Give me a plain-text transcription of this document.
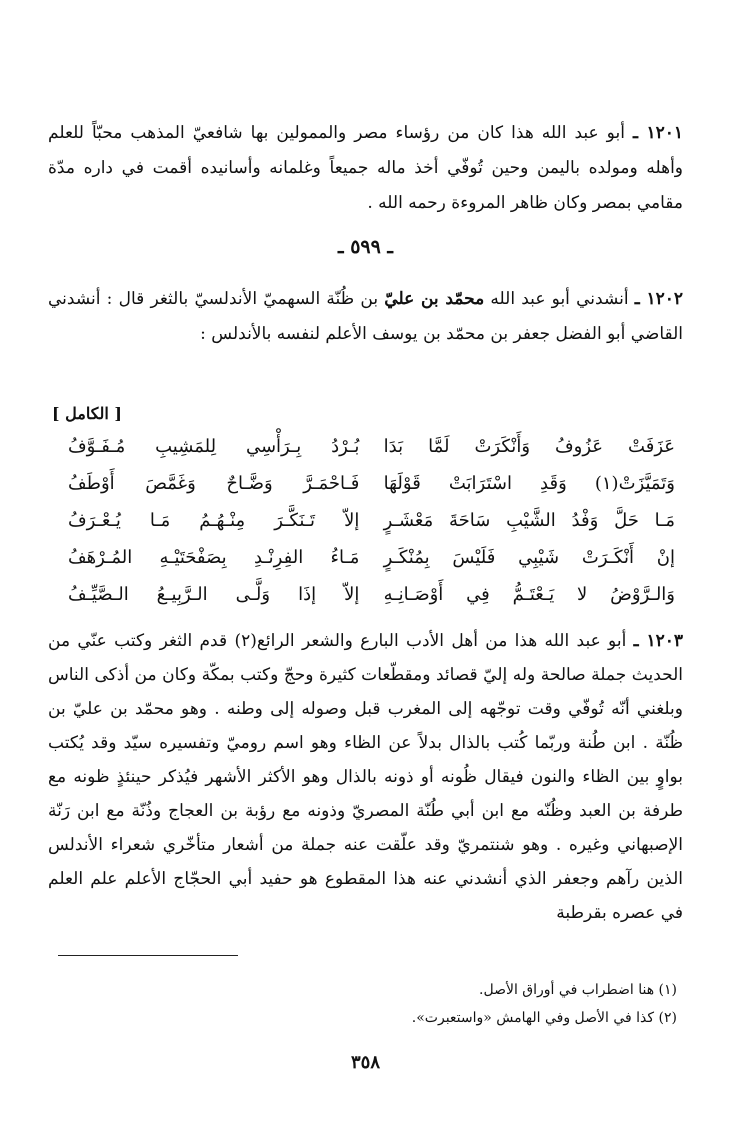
١٢٠١ ـ أبو عبد الله هذا كان من رؤساء مصر والممولين بها شافعيّ المذهب محبّاً للعلم وأهله ومولده باليمن وحين تُوفّي أخذ ماله جميعاً وغلمانه وأسانيده أقمت في داره مدّة مقامي بمصر وكان ظاهر المروءة رحمه الله .

ـ ٥٩٩ ـ

١٢٠٢ ـ أنشدني أبو عبد الله محمّد بن عليّ بن ظُنّة السهميّ الأندلسيّ بالثغر قال : أنشدني القاضي أبو الفضل جعفر بن محمّد بن يوسف الأعلم لنفسه بالأندلس :

[ الكامل ]
عَزَفَتْ عَزُوفُ وَأَنْكَرَتْ لَمَّا بَدَا
بُـرْدُ بِـرَأْسِي لِلمَشِيبِ مُـفَـوَّفُ
وَتَمَيَّزَتْ(١) وَقَدِ اسْتَرَابَتْ قَوْلَهَا
فَـاحْمَـرَّ وَضَّـاحٌ وَغَمَّصَ أَوْطَفُ
مَـا حَلَّ وَفْدُ الشَّيْبِ سَاحَةَ مَعْشَـرٍ
إلاّ تَـنَكَّـرَ مِنْـهُـمُ مَـا يُـعْـرَفُ
إنْ أَنْكَـرَتْ شَيْبِي فَلَيْسَ بِمُنْكَـرٍ
مَـاءُ الفِرِنْـدِ بِصَفْحَتَيْـهِ المُـرْهَفُ
وَالـرَّوْضُ لا يَـعْتَـمُّ فِي أَوْصَـانِـهِ
إلاّ إذَا وَلَّـى الـرَّبِيـعُ الـصَّيِّـفُ

١٢٠٣ ـ أبو عبد الله هذا من أهل الأدب البارع والشعر الرائع(٢) قدم الثغر وكتب عنّي من الحديث جملة صالحة وله إليّ قصائد ومقطّعات كثيرة وحجّ وكتب بمكّة وكان من أذكى الناس وبلغني أنّه تُوفّي وقت توجّهه إلى المغرب قبل وصوله إلى وطنه . وهو محمّد بن عليّ بن ظُنّة . ابن طُنة وربّما كُتب بالذال بدلاً عن الظاء وهو اسم روميّ وتفسيره سيّد وقد يُكتب بواوٍ بين الظاء والنون فيقال ظُونه أو ذونه بالذال وهو الأكثر الأشهر فيُذكر حينئذٍ ظونه مع طرفة بن العبد وظُنّه مع ابن أبي طُنّة المصريّ وذونه مع رؤبة بن العجاج وذُنّة مع ابن رَنّة الإصبهاني وغيره . وهو شنتمريّ وقد علّقت عنه جملة من أشعار متأخّري شعراء الأندلس الذين رآهم وجعفر الذي أنشدني عنه هذا المقطوع هو حفيد أبي الحجّاج الأعلم علم العلم في عصره بقرطبة

(١) هنا اضطراب في أوراق الأصل.
(٢) كذا في الأصل وفي الهامش «واستعبرت».
٣٥٨
